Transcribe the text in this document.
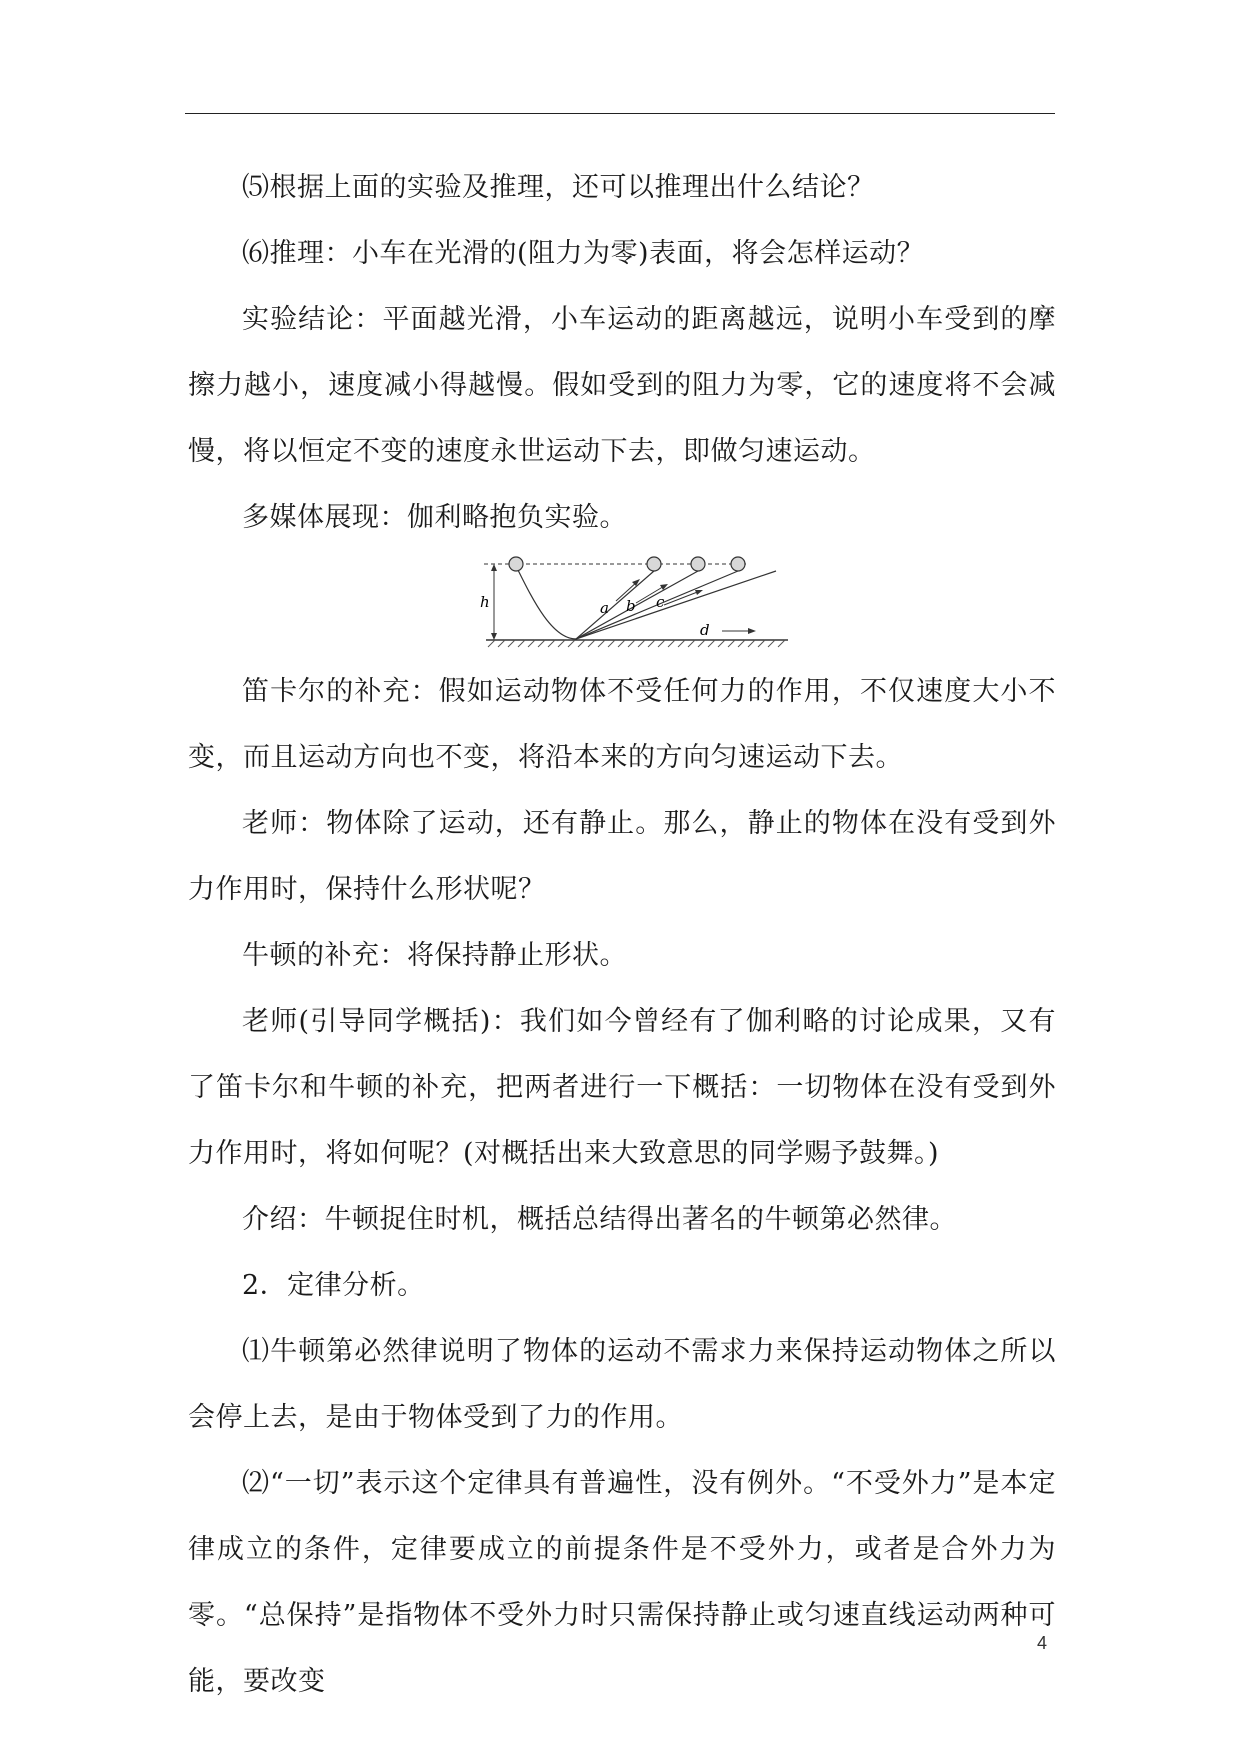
⑸根据上面的实验及推理，还可以推理出什么结论？

⑹推理：小车在光滑的(阻力为零)表面，将会怎样运动？

实验结论：平面越光滑，小车运动的距离越远，说明小车受到的摩擦力越小，速度减小得越慢。假如受到的阻力为零，它的速度将不会减慢，将以恒定不变的速度永世运动下去，即做匀速运动。

多媒体展现：伽利略抱负实验。

h	a b c
d

笛卡尔的补充：假如运动物体不受任何力的作用，不仅速度大小不变，而且运动方向也不变，将沿本来的方向匀速运动下去。

老师：物体除了运动，还有静止。那么，静止的物体在没有受到外力作用时，保持什么形状呢？

牛顿的补充：将保持静止形状。

老师(引导同学概括)：我们如今曾经有了伽利略的讨论成果，又有了笛卡尔和牛顿的补充，把两者进行一下概括：一切物体在没有受到外力作用时，将如何呢？(对概括出来大致意思的同学赐予鼓舞。)

介绍：牛顿捉住时机，概括总结得出著名的牛顿第必然律。

2．定律分析。

⑴牛顿第必然律说明了物体的运动不需求力来保持运动物体之所以会停上去，是由于物体受到了力的作用。

⑵“一切”表示这个定律具有普遍性，没有例外。“不受外力”是本定律成立的条件，定律要成立的前提条件是不受外力，或者是合外力为零。“总保持”是指物体不受外力时只需保持静止或匀速直线运动两种可能，要改变

4
